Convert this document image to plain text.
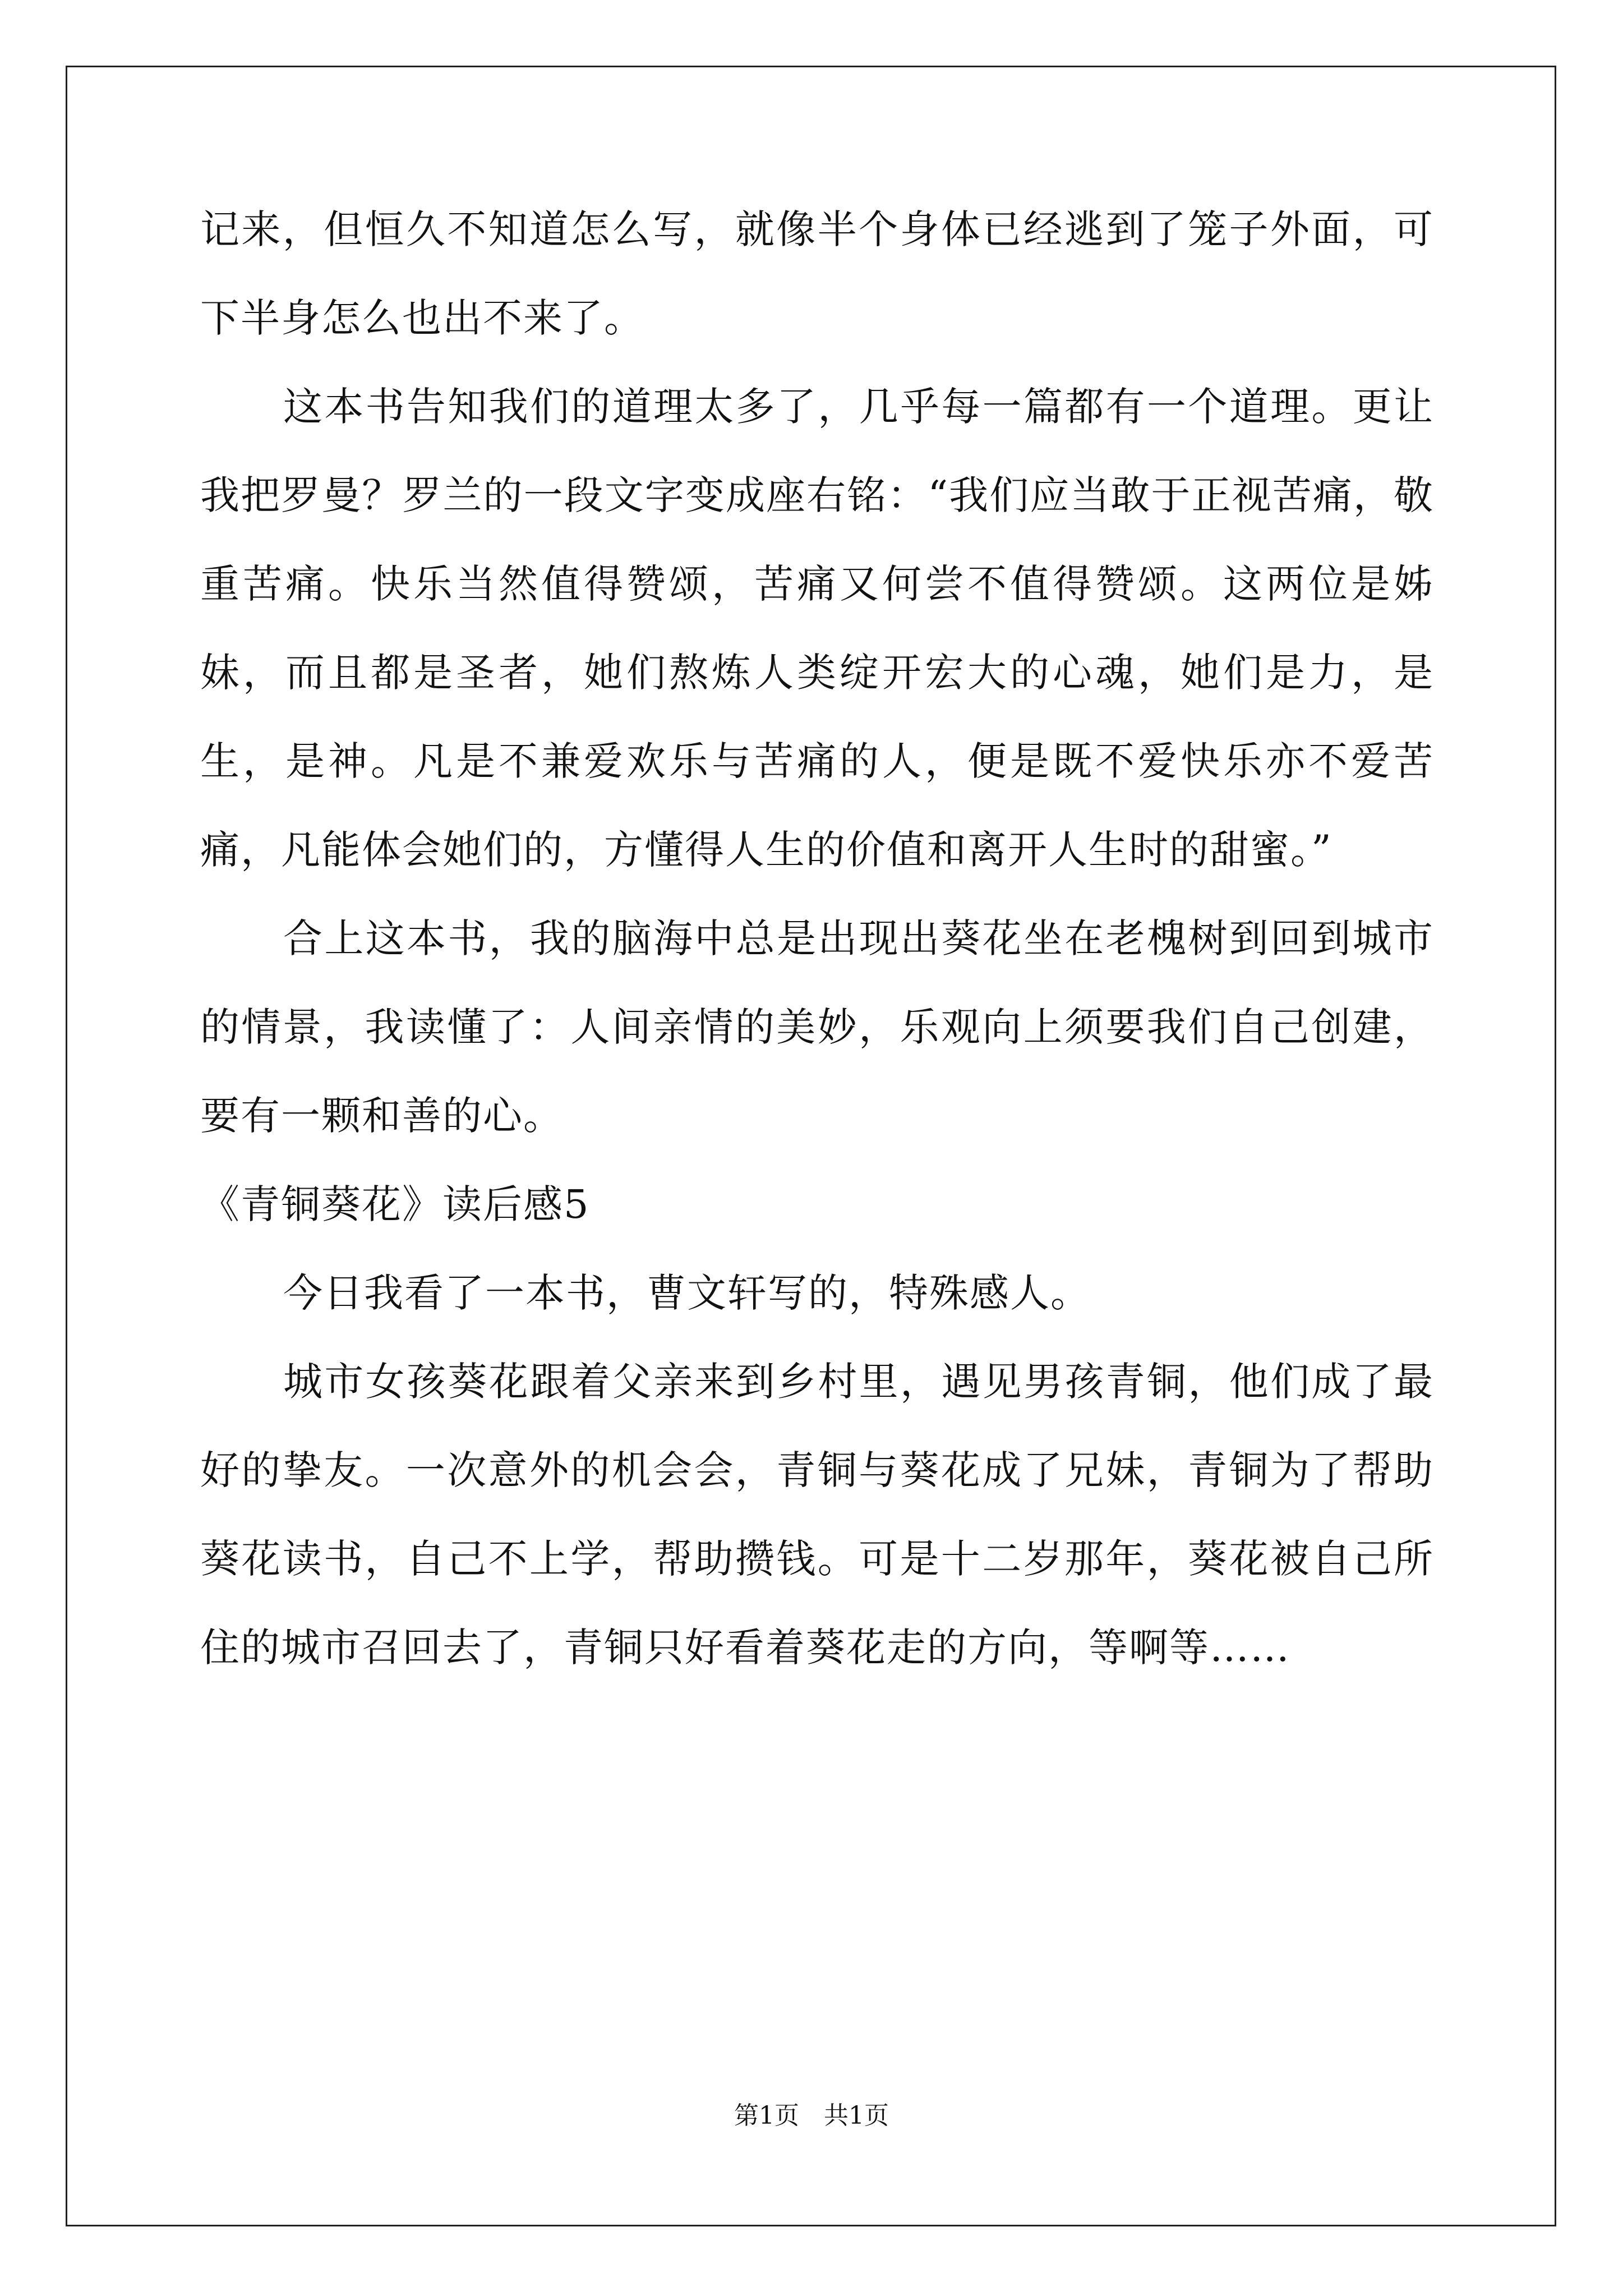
记来，但恒久不知道怎么写，就像半个身体已经逃到了笼子外面，可下半身怎么也出不来了。

这本书告知我们的道理太多了，几乎每一篇都有一个道理。更让我把罗曼？罗兰的一段文字变成座右铭：“我们应当敢于正视苦痛，敬重苦痛。快乐当然值得赞颂，苦痛又何尝不值得赞颂。这两位是姊妹，而且都是圣者，她们熬炼人类绽开宏大的心魂，她们是力，是生，是神。凡是不兼爱欢乐与苦痛的人，便是既不爱快乐亦不爱苦痛，凡能体会她们的，方懂得人生的价值和离开人生时的甜蜜。”

合上这本书，我的脑海中总是出现出葵花坐在老槐树到回到城市的情景，我读懂了：人间亲情的美妙，乐观向上须要我们自己创建，要有一颗和善的心。

《青铜葵花》读后感5

今日我看了一本书，曹文轩写的，特殊感人。

城市女孩葵花跟着父亲来到乡村里，遇见男孩青铜，他们成了最好的挚友。一次意外的机会会，青铜与葵花成了兄妹，青铜为了帮助葵花读书，自己不上学，帮助攒钱。可是十二岁那年，葵花被自己所住的城市召回去了，青铜只好看着葵花走的方向，等啊等……

第1页 共1页
